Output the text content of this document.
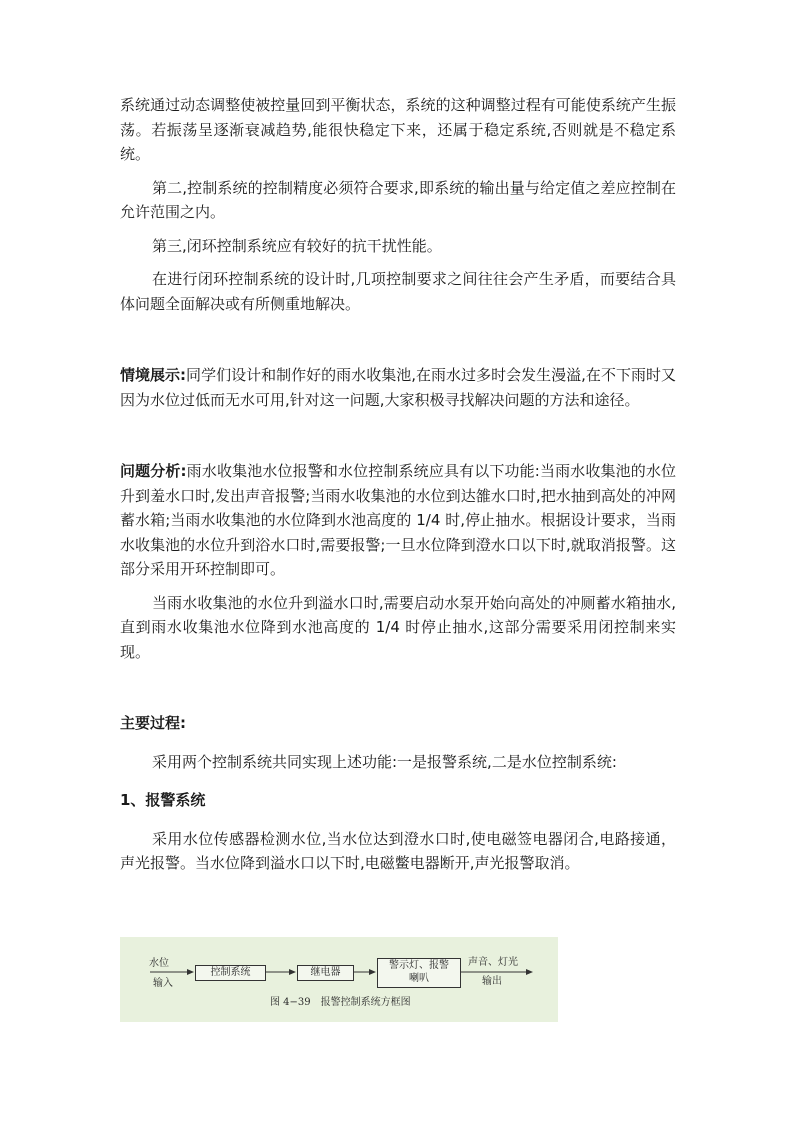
系统通过动态调整使被控量回到平衡状态，系统的这种调整过程有可能使系统产生振荡。若振荡呈逐渐衰减趋势,能很快稳定下来，还属于稳定系统,否则就是不稳定系统。

第二,控制系统的控制精度必须符合要求,即系统的输出量与给定值之差应控制在允许范围之内。

第三,闭环控制系统应有较好的抗干扰性能。

在进行闭环控制系统的设计时,几项控制要求之间往往会产生矛盾，而要结合具体问题全面解决或有所侧重地解决。

情境展示:同学们设计和制作好的雨水收集池,在雨水过多时会发生漫溢,在不下雨时又因为水位过低而无水可用,针对这一问题,大家积极寻找解决问题的方法和途径。

问题分析:雨水收集池水位报警和水位控制系统应具有以下功能:当雨水收集池的水位升到羞水口时,发出声音报警;当雨水收集池的水位到达雒水口时,把水抽到高处的冲网蓄水箱;当雨水收集池的水位降到水池高度的 1/4 时,停止抽水。根据设计要求，当雨水收集池的水位升到浴水口时,需要报警;一旦水位降到澄水口以下时,就取消报警。这部分采用开环控制即可。

当雨水收集池的水位升到溢水口时,需要启动水泵开始向高处的冲厕蓄水箱抽水,直到雨水收集池水位降到水池高度的 1/4 时停止抽水,这部分需要采用闭控制来实现。

主要过程:

采用两个控制系统共同实现上述功能:一是报警系统,二是水位控制系统:

1、报警系统

采用水位传感器检测水位,当水位达到澄水口时,使电磁签电器闭合,电路接通，声光报警。当水位降到溢水口以下时,电磁鳖电器断开,声光报警取消。

水位
输入
控制系统	继电器
警示灯、报警
喇叭
声音、灯光
输出
图 4−39　报警控制系统方框图
